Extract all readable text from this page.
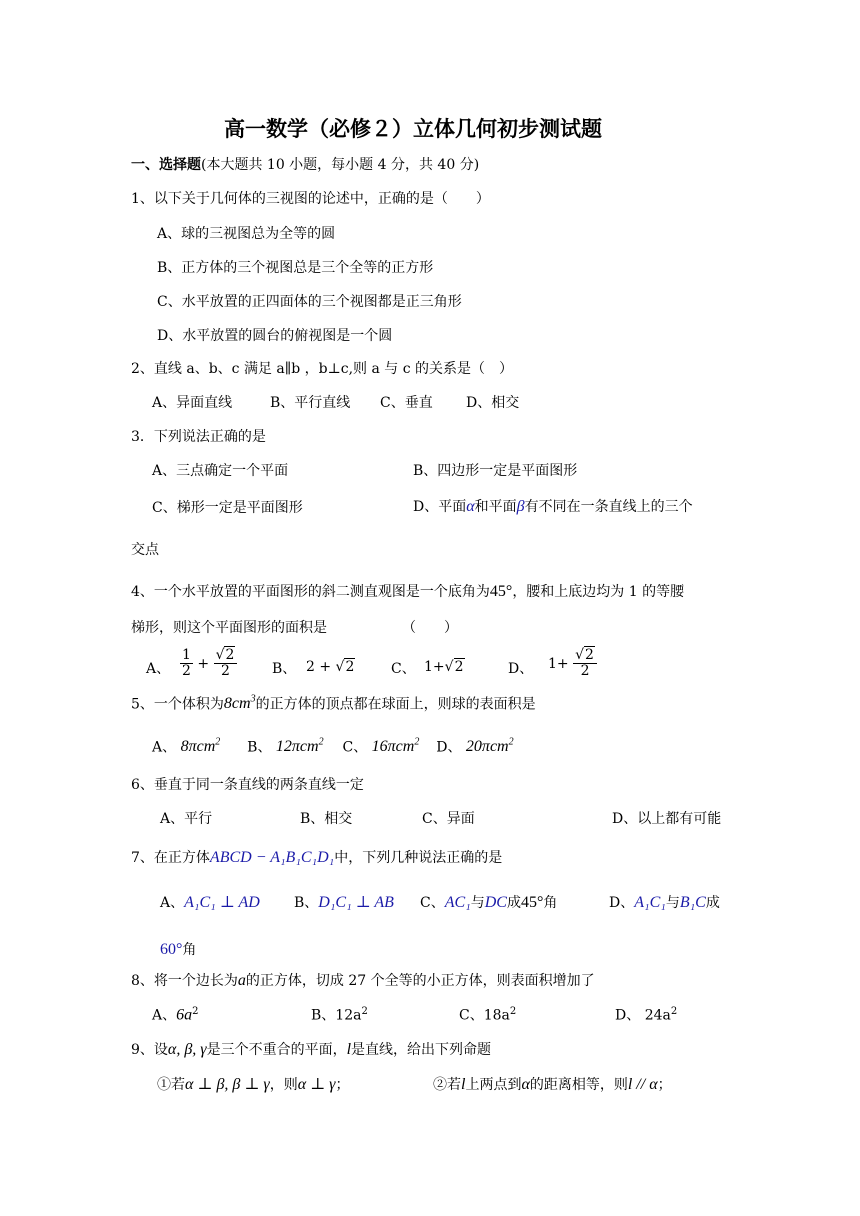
高一数学（必修２）立体几何初步测试题
一、选择题(本大题共 10 小题，每小题 4 分，共 40 分)
1、以下关于几何体的三视图的论述中，正确的是（　　）
A、球的三视图总为全等的圆
B、正方体的三个视图总是三个全等的正方形
C、水平放置的正四面体的三个视图都是正三角形
D、水平放置的圆台的俯视图是一个圆
2、直线 a、b、c 满足 a∥b ，b⊥c,则 a 与 c 的关系是（　）
A、异面直线	B、平行直线 C、垂直 D、相交
3．下列说法正确的是
A、三点确定一个平面	B、四边形一定是平面图形
C、梯形一定是平面图形	D、平面α和平面β有不同在一条直线上的三个
交点
4、一个水平放置的平面图形的斜二测直观图是一个底角为45°，腰和上底边均为 1 的等腰
梯形，则这个平面图形的面积是	（　　）
A、 $\frac{1}{2} + \frac{√2}{2}$ B、 2 + √2	C、 1+√2	D、 $1+ \frac{√2}{2}$
5、一个体积为$8cm^3$的正方体的顶点都在球面上，则球的表面积是
A、 8πcm$^2$ B、 12πcm$^2$ C、 16πcm$^2$ D、 20πcm$^2$
6、垂直于同一条直线的两条直线一定
A、平行	B、相交	C、异面	D、以上都有可能
7、在正方体ABCD − A₁B₁C₁D₁中，下列几种说法正确的是
A、A₁C₁ ⊥ AD B、D₁C₁ ⊥ AB C、AC₁与DC成45°角	D、A₁C₁与B₁C成
60°角
8、将一个边长为a的正方体，切成 27 个全等的小正方体，则表面积增加了
A、$6a^2$	B、$12a^2$	C、$18a^2$	D、 $24a^2$
9、设α, β, γ是三个不重合的平面，l是直线，给出下列命题
①若α ⊥ β, β ⊥ γ，则α ⊥ γ；	②若l上两点到α的距离相等，则l // α；
